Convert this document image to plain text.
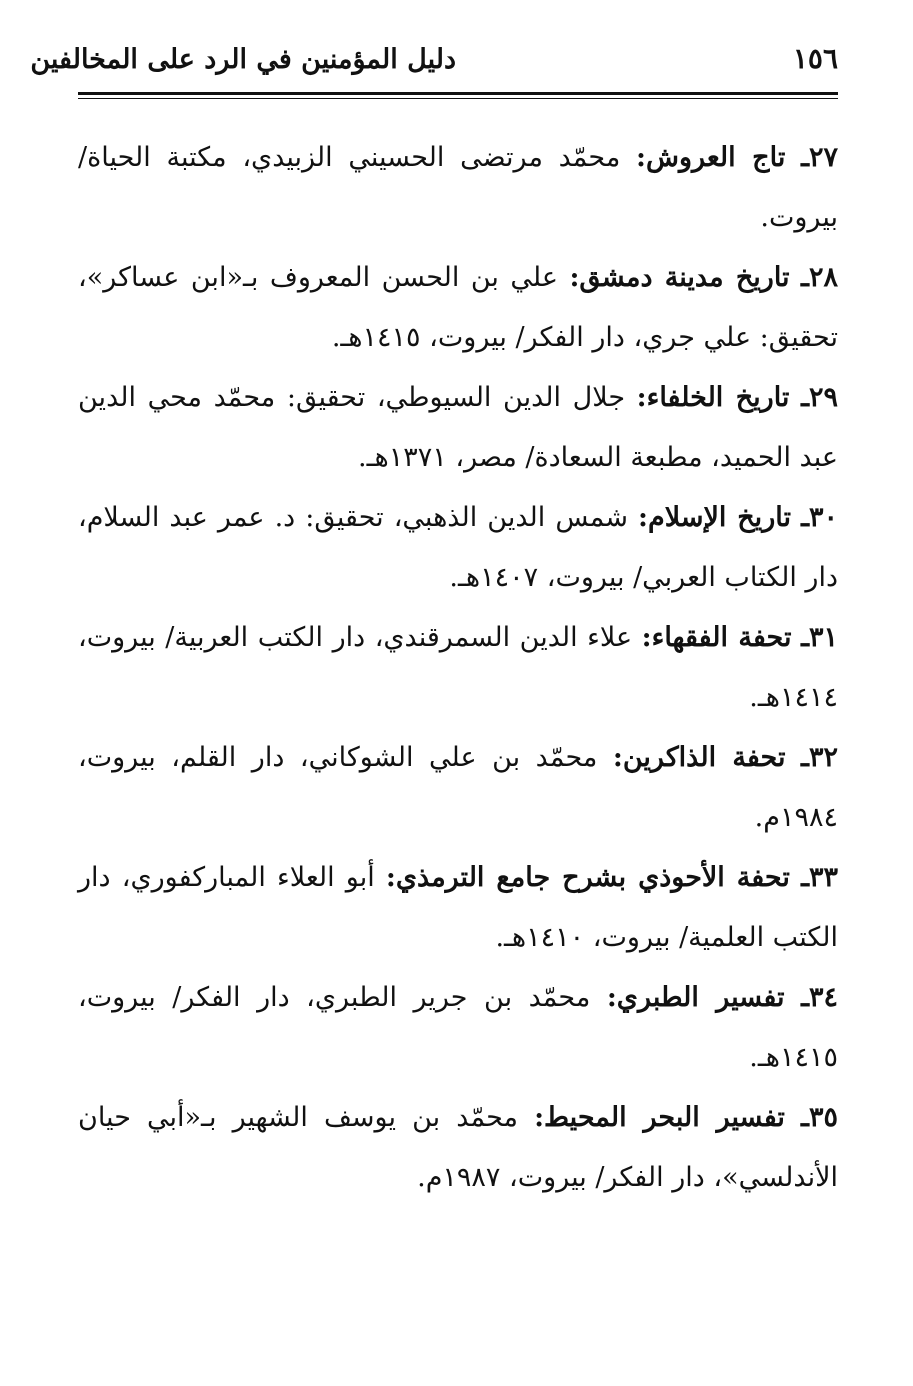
دليل المؤمنين في الرد على المخالفين	١٥٦

٢٧ـ تاج العروش: محمّد مرتضى الحسيني الزبيدي، مكتبة الحياة/ بيروت.

٢٨ـ تاريخ مدينة دمشق: علي بن الحسن المعروف بـ«ابن عساكر»، تحقيق: علي جري، دار الفكر/ بيروت، ١٤١٥هـ.

٢٩ـ تاريخ الخلفاء: جلال الدين السيوطي، تحقيق: محمّد محي الدين عبد الحميد، مطبعة السعادة/ مصر، ١٣٧١هـ.

٣٠ـ تاريخ الإسلام: شمس الدين الذهبي، تحقيق: د. عمر عبد السلام، دار الكتاب العربي/ بيروت، ١٤٠٧هـ.

٣١ـ تحفة الفقهاء: علاء الدين السمرقندي، دار الكتب العربية/ بيروت، ١٤١٤هـ.

٣٢ـ تحفة الذاكرين: محمّد بن علي الشوكاني، دار القلم، بيروت، ١٩٨٤م.

٣٣ـ تحفة الأحوذي بشرح جامع الترمذي: أبو العلاء المباركفوري، دار الكتب العلمية/ بيروت، ١٤١٠هـ.

٣٤ـ تفسير الطبري: محمّد بن جرير الطبري، دار الفكر/ بيروت، ١٤١٥هـ.

٣٥ـ تفسير البحر المحيط: محمّد بن يوسف الشهير بـ«أبي حيان الأندلسي»، دار الفكر/ بيروت، ١٩٨٧م.
